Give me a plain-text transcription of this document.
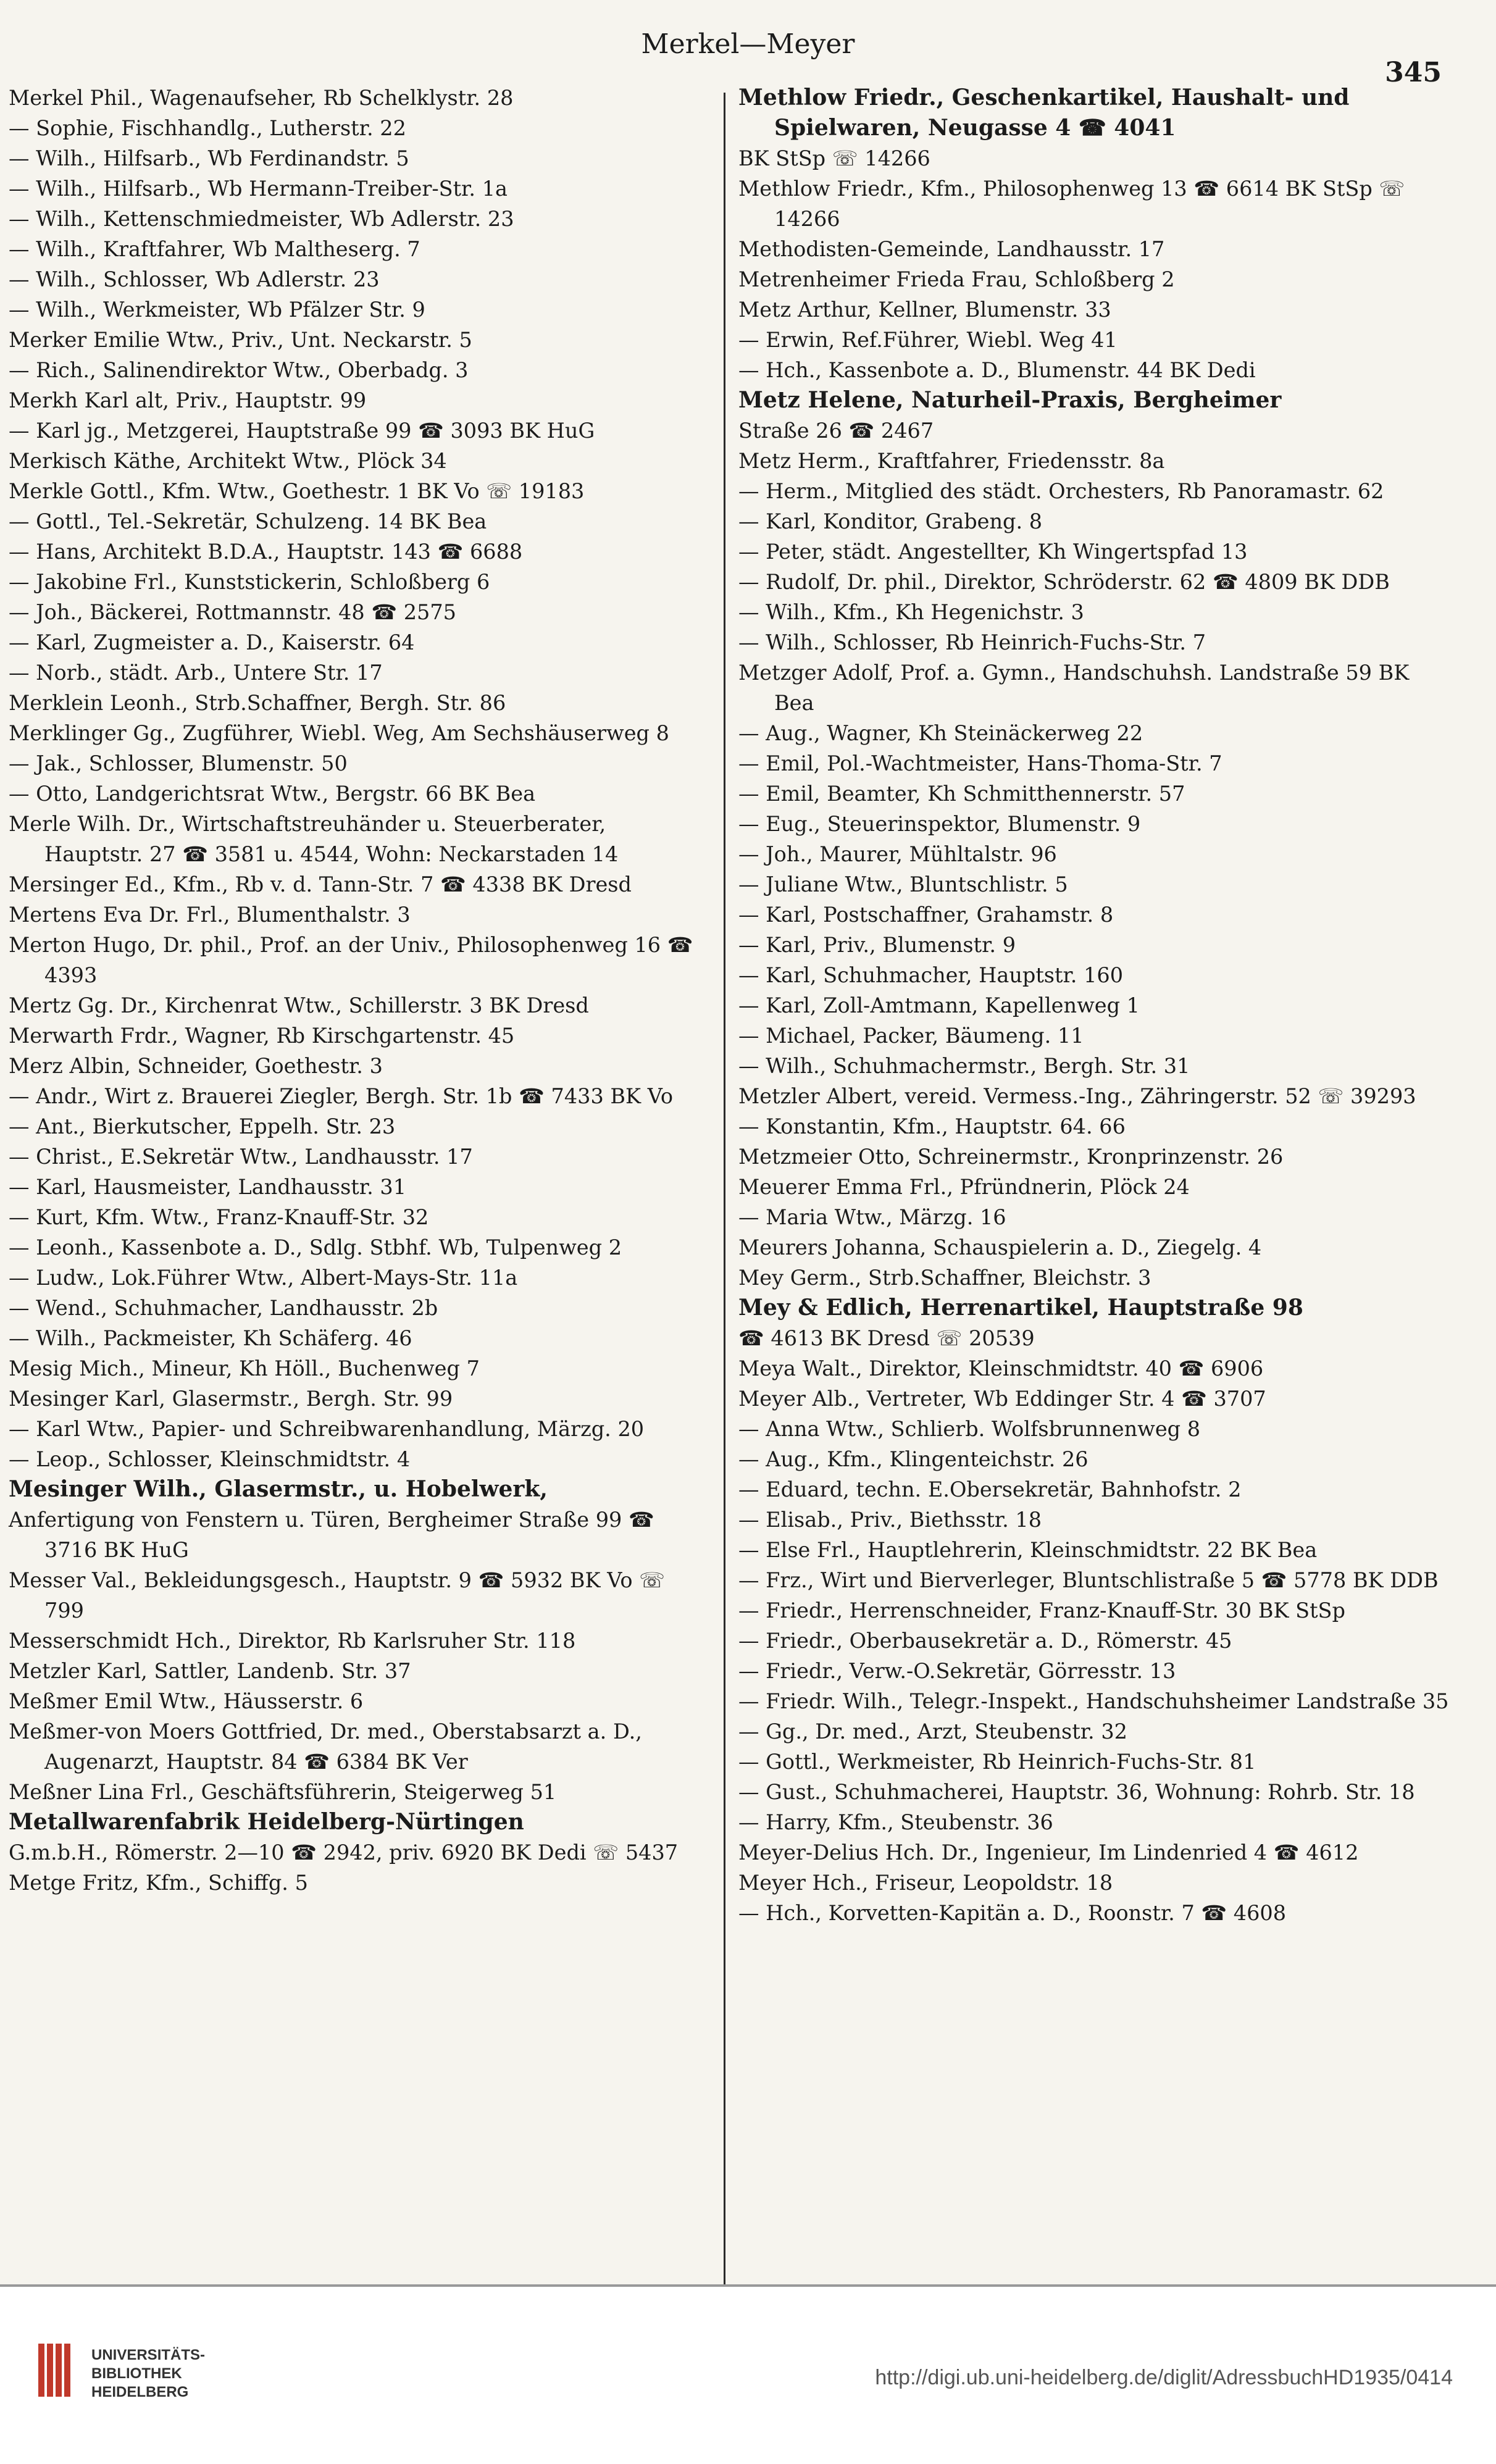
Merkel—Meyer
345

Merkel Phil., Wagenaufseher, Rb Schelklystr. 28

— Sophie, Fischhandlg., Lutherstr. 22

— Wilh., Hilfsarb., Wb Ferdinandstr. 5

— Wilh., Hilfsarb., Wb Hermann-Treiber-Str. 1a

— Wilh., Kettenschmiedmeister, Wb Adlerstr. 23

— Wilh., Kraftfahrer, Wb Maltheserg. 7

— Wilh., Schlosser, Wb Adlerstr. 23

— Wilh., Werkmeister, Wb Pfälzer Str. 9

Merker Emilie Wtw., Priv., Unt. Neckarstr. 5

— Rich., Salinendirektor Wtw., Oberbadg. 3

Merkh Karl alt, Priv., Hauptstr. 99

— Karl jg., Metzgerei, Hauptstraße 99 ☎ 3093 BK HuG

Merkisch Käthe, Architekt Wtw., Plöck 34

Merkle Gottl., Kfm. Wtw., Goethestr. 1 BK Vo ☏ 19183

— Gottl., Tel.-Sekretär, Schulzeng. 14 BK Bea

— Hans, Architekt B.D.A., Hauptstr. 143 ☎ 6688

— Jakobine Frl., Kunststickerin, Schloßberg 6

— Joh., Bäckerei, Rottmannstr. 48 ☎ 2575

— Karl, Zugmeister a. D., Kaiserstr. 64

— Norb., städt. Arb., Untere Str. 17

Merklein Leonh., Strb.Schaffner, Bergh. Str. 86

Merklinger Gg., Zugführer, Wiebl. Weg, Am Sechshäuserweg 8

— Jak., Schlosser, Blumenstr. 50

— Otto, Landgerichtsrat Wtw., Bergstr. 66 BK Bea

Merle Wilh. Dr., Wirtschaftstreuhänder u. Steuerberater, Hauptstr. 27 ☎ 3581 u. 4544, Wohn: Neckarstaden 14

Mersinger Ed., Kfm., Rb v. d. Tann-Str. 7 ☎ 4338 BK Dresd

Mertens Eva Dr. Frl., Blumenthalstr. 3

Merton Hugo, Dr. phil., Prof. an der Univ., Philosophenweg 16 ☎ 4393

Mertz Gg. Dr., Kirchenrat Wtw., Schillerstr. 3 BK Dresd

Merwarth Frdr., Wagner, Rb Kirschgartenstr. 45

Merz Albin, Schneider, Goethestr. 3

— Andr., Wirt z. Brauerei Ziegler, Bergh. Str. 1b ☎ 7433 BK Vo

— Ant., Bierkutscher, Eppelh. Str. 23

— Christ., E.Sekretär Wtw., Landhausstr. 17

— Karl, Hausmeister, Landhausstr. 31

— Kurt, Kfm. Wtw., Franz-Knauff-Str. 32

— Leonh., Kassenbote a. D., Sdlg. Stbhf. Wb, Tulpenweg 2

— Ludw., Lok.Führer Wtw., Albert-Mays-Str. 11a

— Wend., Schuhmacher, Landhausstr. 2b

— Wilh., Packmeister, Kh Schäferg. 46

Mesig Mich., Mineur, Kh Höll., Buchenweg 7

Mesinger Karl, Glasermstr., Bergh. Str. 99

— Karl Wtw., Papier- und Schreibwarenhandlung, Märzg. 20

— Leop., Schlosser, Kleinschmidtstr. 4

Mesinger Wilh., Glasermstr., u. Hobelwerk,

Anfertigung von Fenstern u. Türen, Bergheimer Straße 99 ☎ 3716 BK HuG

Messer Val., Bekleidungsgesch., Hauptstr. 9 ☎ 5932 BK Vo ☏ 799

Messerschmidt Hch., Direktor, Rb Karlsruher Str. 118

Metzler Karl, Sattler, Landenb. Str. 37

Meßmer Emil Wtw., Häusserstr. 6

Meßmer-von Moers Gottfried, Dr. med., Oberstabsarzt a. D., Augenarzt, Hauptstr. 84 ☎ 6384 BK Ver

Meßner Lina Frl., Geschäftsführerin, Steigerweg 51

Metallwarenfabrik Heidelberg-Nürtingen

G.m.b.H., Römerstr. 2—10 ☎ 2942, priv. 6920 BK Dedi ☏ 5437

Metge Fritz, Kfm., Schiffg. 5

Methlow Friedr., Geschenkartikel, Haushalt- und Spielwaren, Neugasse 4 ☎ 4041

BK StSp ☏ 14266

Methlow Friedr., Kfm., Philosophenweg 13 ☎ 6614 BK StSp ☏ 14266

Methodisten-Gemeinde, Landhausstr. 17

Metrenheimer Frieda Frau, Schloßberg 2

Metz Arthur, Kellner, Blumenstr. 33

— Erwin, Ref.Führer, Wiebl. Weg 41

— Hch., Kassenbote a. D., Blumenstr. 44 BK Dedi

Metz Helene, Naturheil-Praxis, Bergheimer

Straße 26 ☎ 2467

Metz Herm., Kraftfahrer, Friedensstr. 8a

— Herm., Mitglied des städt. Orchesters, Rb Panoramastr. 62

— Karl, Konditor, Grabeng. 8

— Peter, städt. Angestellter, Kh Wingertspfad 13

— Rudolf, Dr. phil., Direktor, Schröderstr. 62 ☎ 4809 BK DDB

— Wilh., Kfm., Kh Hegenichstr. 3

— Wilh., Schlosser, Rb Heinrich-Fuchs-Str. 7

Metzger Adolf, Prof. a. Gymn., Handschuhsh. Landstraße 59 BK Bea

— Aug., Wagner, Kh Steinäckerweg 22

— Emil, Pol.-Wachtmeister, Hans-Thoma-Str. 7

— Emil, Beamter, Kh Schmitthennerstr. 57

— Eug., Steuerinspektor, Blumenstr. 9

— Joh., Maurer, Mühltalstr. 96

— Juliane Wtw., Bluntschlistr. 5

— Karl, Postschaffner, Grahamstr. 8

— Karl, Priv., Blumenstr. 9

— Karl, Schuhmacher, Hauptstr. 160

— Karl, Zoll-Amtmann, Kapellenweg 1

— Michael, Packer, Bäumeng. 11

— Wilh., Schuhmachermstr., Bergh. Str. 31

Metzler Albert, vereid. Vermess.-Ing., Zähringerstr. 52 ☏ 39293

— Konstantin, Kfm., Hauptstr. 64. 66

Metzmeier Otto, Schreinermstr., Kronprinzenstr. 26

Meuerer Emma Frl., Pfründnerin, Plöck 24

— Maria Wtw., Märzg. 16

Meurers Johanna, Schauspielerin a. D., Ziegelg. 4

Mey Germ., Strb.Schaffner, Bleichstr. 3

Mey & Edlich, Herrenartikel, Hauptstraße 98

☎ 4613 BK Dresd ☏ 20539

Meya Walt., Direktor, Kleinschmidtstr. 40 ☎ 6906

Meyer Alb., Vertreter, Wb Eddinger Str. 4 ☎ 3707

— Anna Wtw., Schlierb. Wolfsbrunnenweg 8

— Aug., Kfm., Klingenteichstr. 26

— Eduard, techn. E.Obersekretär, Bahnhofstr. 2

— Elisab., Priv., Biethsstr. 18

— Else Frl., Hauptlehrerin, Kleinschmidtstr. 22 BK Bea

— Frz., Wirt und Bierverleger, Bluntschlistraße 5 ☎ 5778 BK DDB

— Friedr., Herrenschneider, Franz-Knauff-Str. 30 BK StSp

— Friedr., Oberbausekretär a. D., Römerstr. 45

— Friedr., Verw.-O.Sekretär, Görresstr. 13

— Friedr. Wilh., Telegr.-Inspekt., Handschuhsheimer Landstraße 35

— Gg., Dr. med., Arzt, Steubenstr. 32

— Gottl., Werkmeister, Rb Heinrich-Fuchs-Str. 81

— Gust., Schuhmacherei, Hauptstr. 36, Wohnung: Rohrb. Str. 18

— Harry, Kfm., Steubenstr. 36

Meyer-Delius Hch. Dr., Ingenieur, Im Lindenried 4 ☎ 4612

Meyer Hch., Friseur, Leopoldstr. 18

— Hch., Korvetten-Kapitän a. D., Roonstr. 7 ☎ 4608

UNIVERSITÄTS-
BIBLIOTHEK
HEIDELBERG
http://digi.ub.uni-heidelberg.de/diglit/AdressbuchHD1935/0414
